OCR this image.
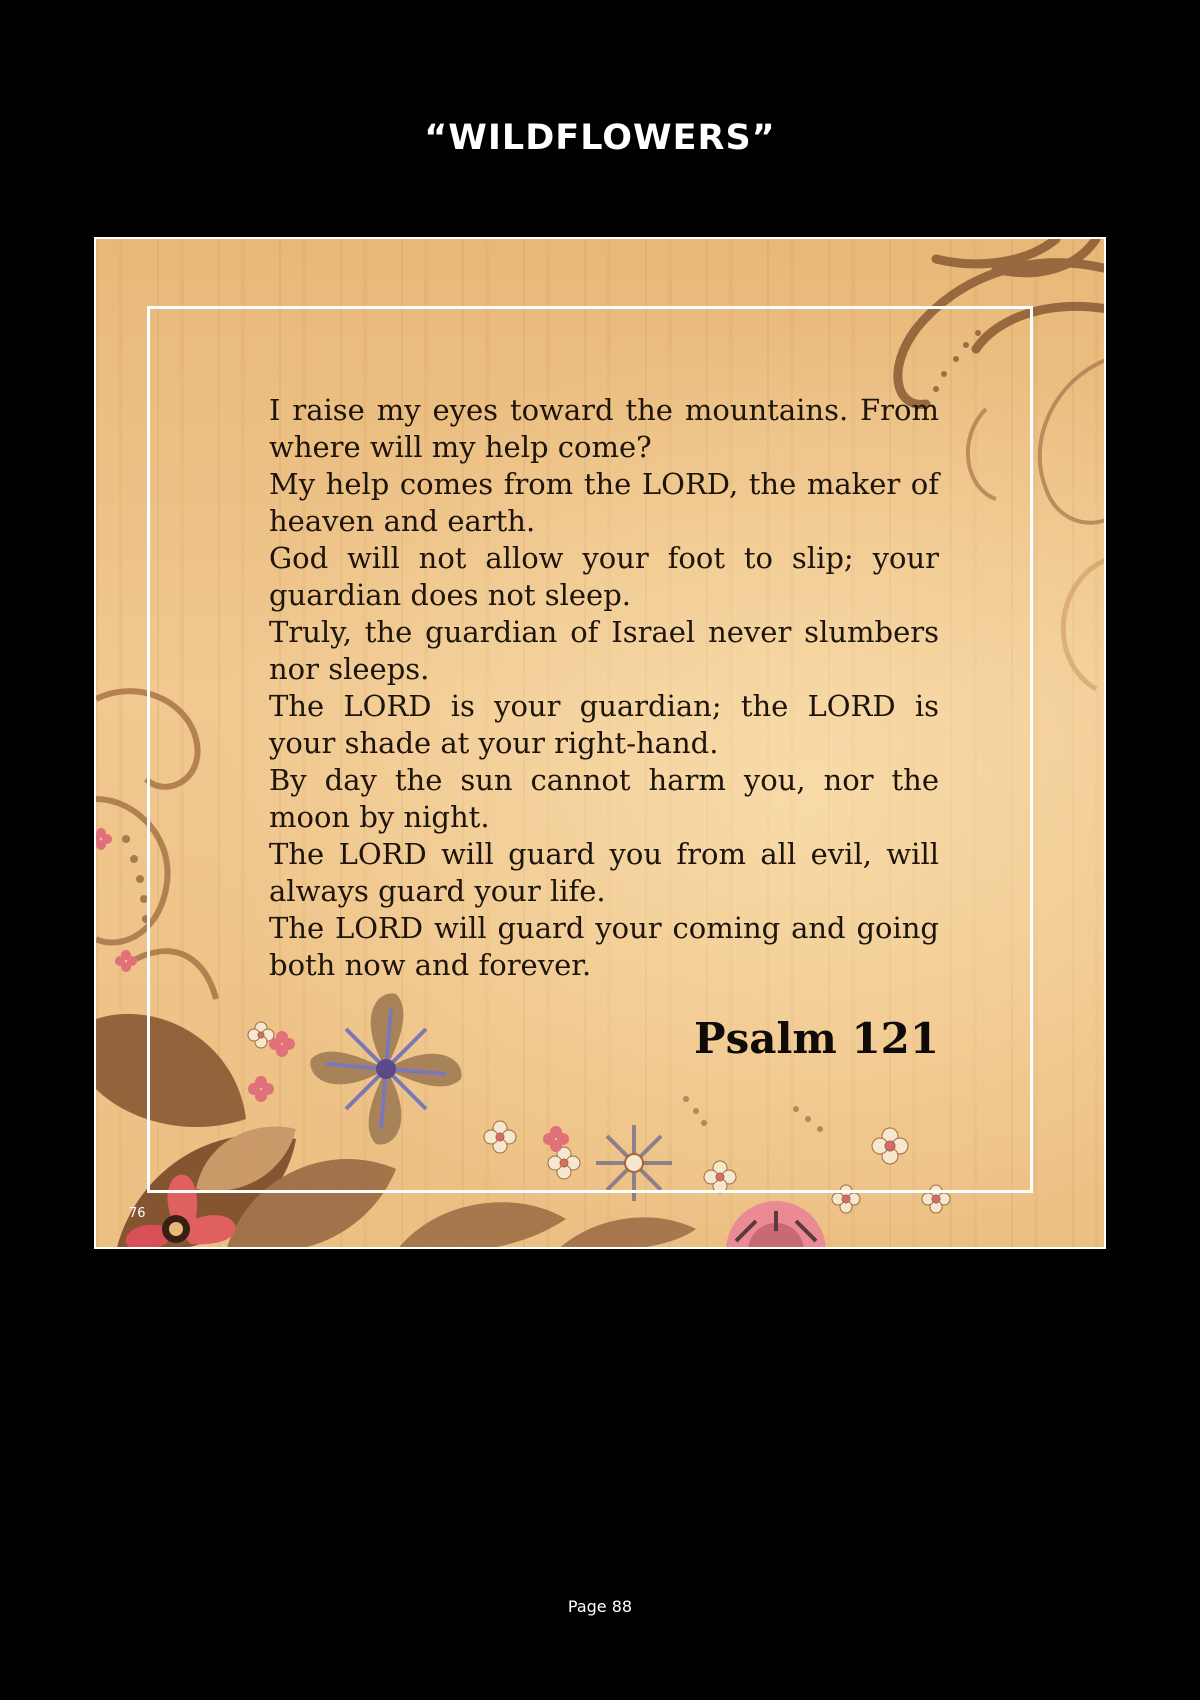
“WILDFLOWERS”

I raise my eyes toward the mountains. From where will my help come?

My help comes from the LORD, the maker of heaven and earth.

God will not allow your foot to slip; your guardian does not sleep.

Truly, the guardian of Israel never slumbers nor sleeps.

The LORD is your guardian; the LORD is your shade at your right-hand.

By day the sun cannot harm you, nor the moon by night.

The LORD will guard you from all evil, will always guard your life.

The LORD will guard your coming and going both now and forever.

Psalm 121
76
Page 88
